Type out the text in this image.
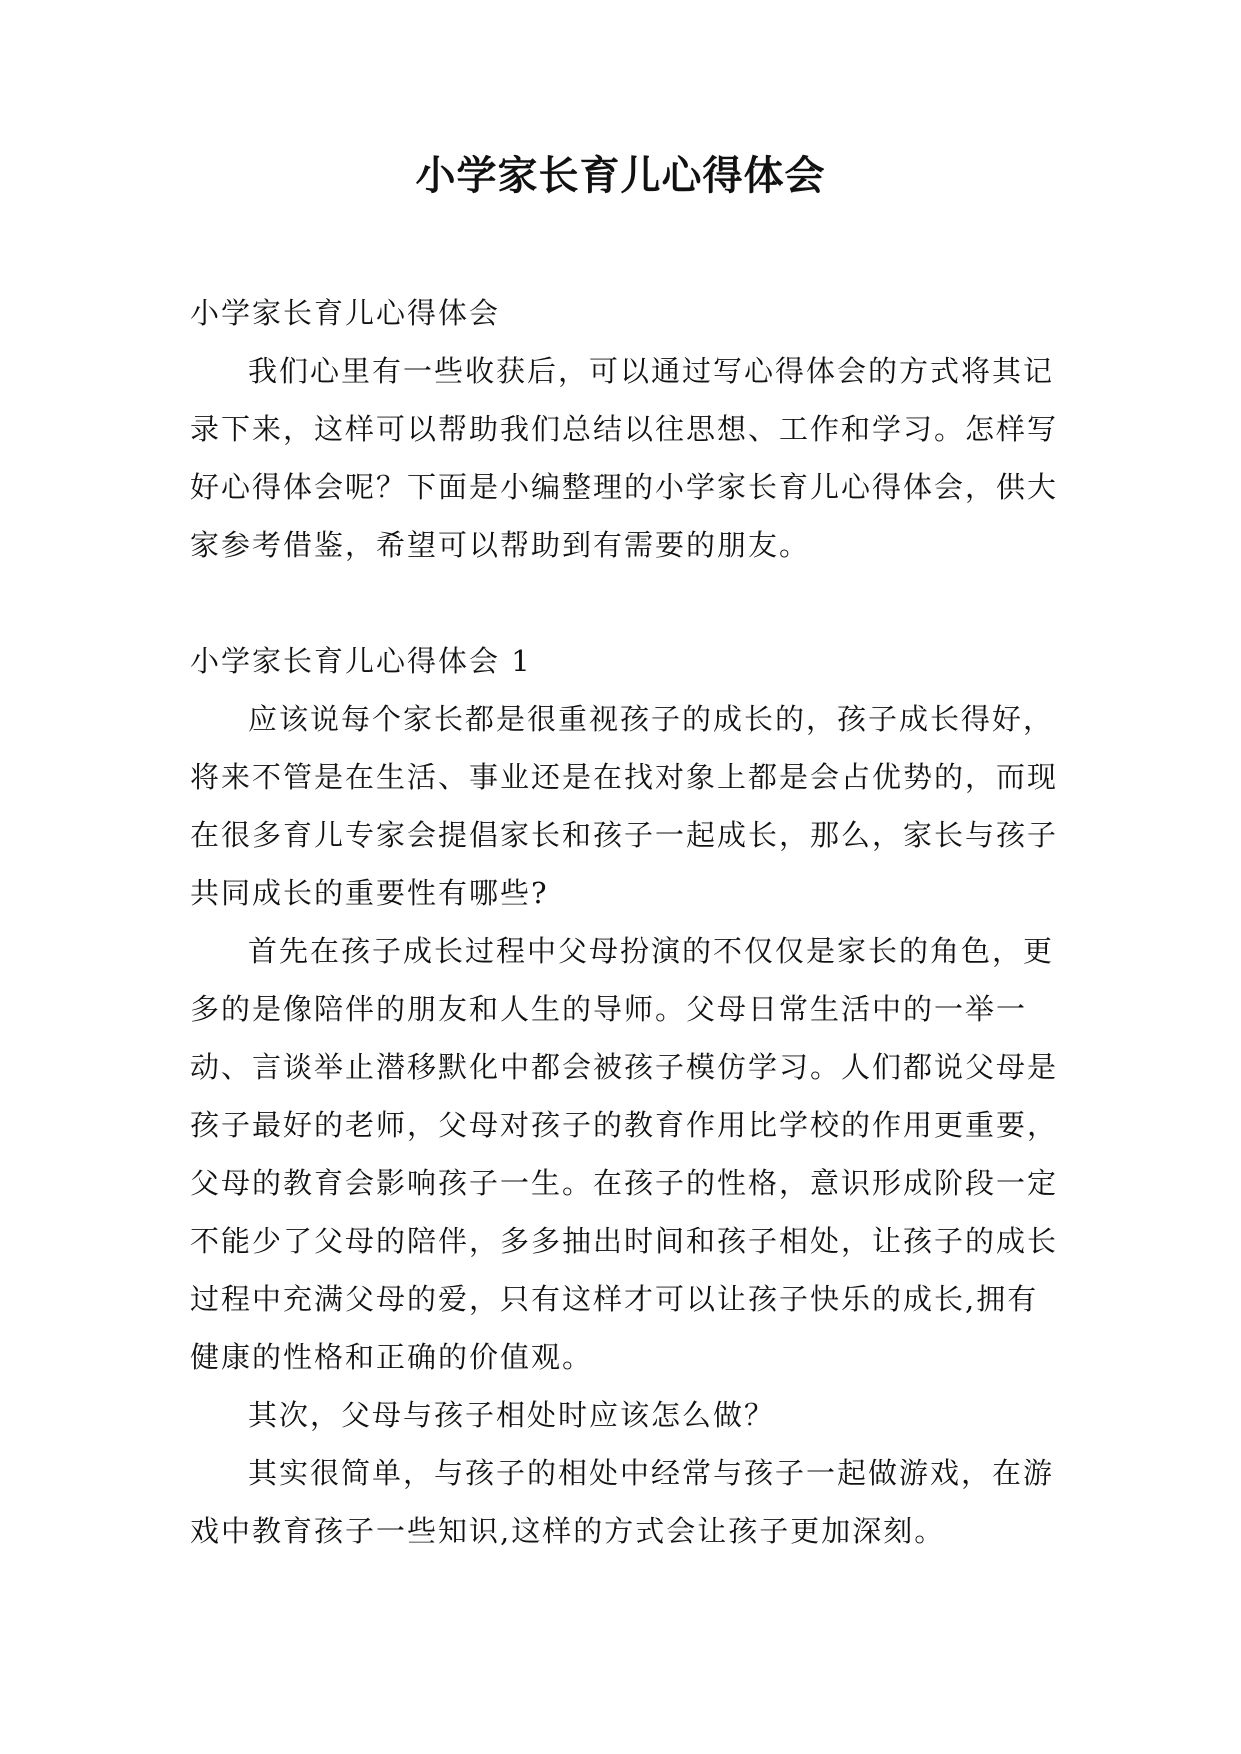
小学家长育儿心得体会

小学家长育儿心得体会

我们心里有一些收获后，可以通过写心得体会的方式将其记录下来，这样可以帮助我们总结以往思想、工作和学习。怎样写好心得体会呢？下面是小编整理的小学家长育儿心得体会，供大家参考借鉴，希望可以帮助到有需要的朋友。

小学家长育儿心得体会 1

应该说每个家长都是很重视孩子的成长的，孩子成长得好，将来不管是在生活、事业还是在找对象上都是会占优势的，而现在很多育儿专家会提倡家长和孩子一起成长，那么，家长与孩子共同成长的重要性有哪些?

首先在孩子成长过程中父母扮演的不仅仅是家长的角色，更多的是像陪伴的朋友和人生的导师。父母日常生活中的一举一动、言谈举止潜移默化中都会被孩子模仿学习。人们都说父母是孩子最好的老师，父母对孩子的教育作用比学校的作用更重要，父母的教育会影响孩子一生。在孩子的性格，意识形成阶段一定不能少了父母的陪伴，多多抽出时间和孩子相处，让孩子的成长过程中充满父母的爱，只有这样才可以让孩子快乐的成长,拥有健康的性格和正确的价值观。

其次，父母与孩子相处时应该怎么做？

其实很简单，与孩子的相处中经常与孩子一起做游戏，在游戏中教育孩子一些知识,这样的方式会让孩子更加深刻。
